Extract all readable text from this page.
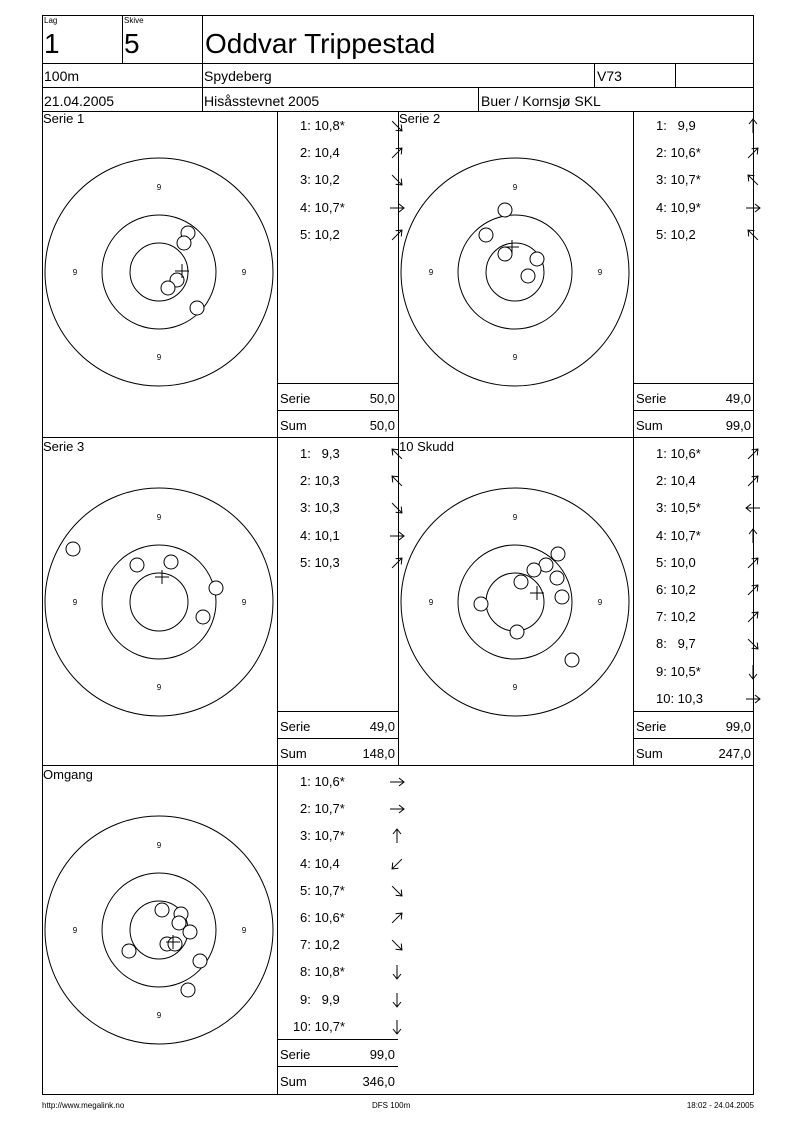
Lag
1
Skive
5 Oddvar Trippestad
100m	Spydeberg	V73
21.04.2005	Hisåsstevnet 2005	Buer / Kornsjø SKL
Serie 1
9
9
9	9
1: 10,8*
2: 10,4
3: 10,2
4: 10,7*
5: 10,2
Serie	50,0
Sum	50,0
Serie 2
9
9
9	9
1:   9,9
2: 10,6*
3: 10,7*
4: 10,9*
5: 10,2
Serie	49,0
Sum	99,0
Serie 3
9
9
9	9
1:   9,3
2: 10,3
3: 10,3
4: 10,1
5: 10,3
Serie	49,0
Sum	148,0
10 Skudd
9
9
9	9
1: 10,6*
2: 10,4
3: 10,5*
4: 10,7*
5: 10,0
6: 10,2
7: 10,2
8:   9,7
9: 10,5*
10: 10,3
Serie	99,0
Sum	247,0
Omgang
9
9
9	9
1: 10,6*
2: 10,7*
3: 10,7*
4: 10,4
5: 10,7*
6: 10,6*
7: 10,2
8: 10,8*
9:   9,9
10: 10,7*
Serie	99,0
Sum	346,0
http://www.megalink.no	DFS 100m	18:02 - 24.04.2005
